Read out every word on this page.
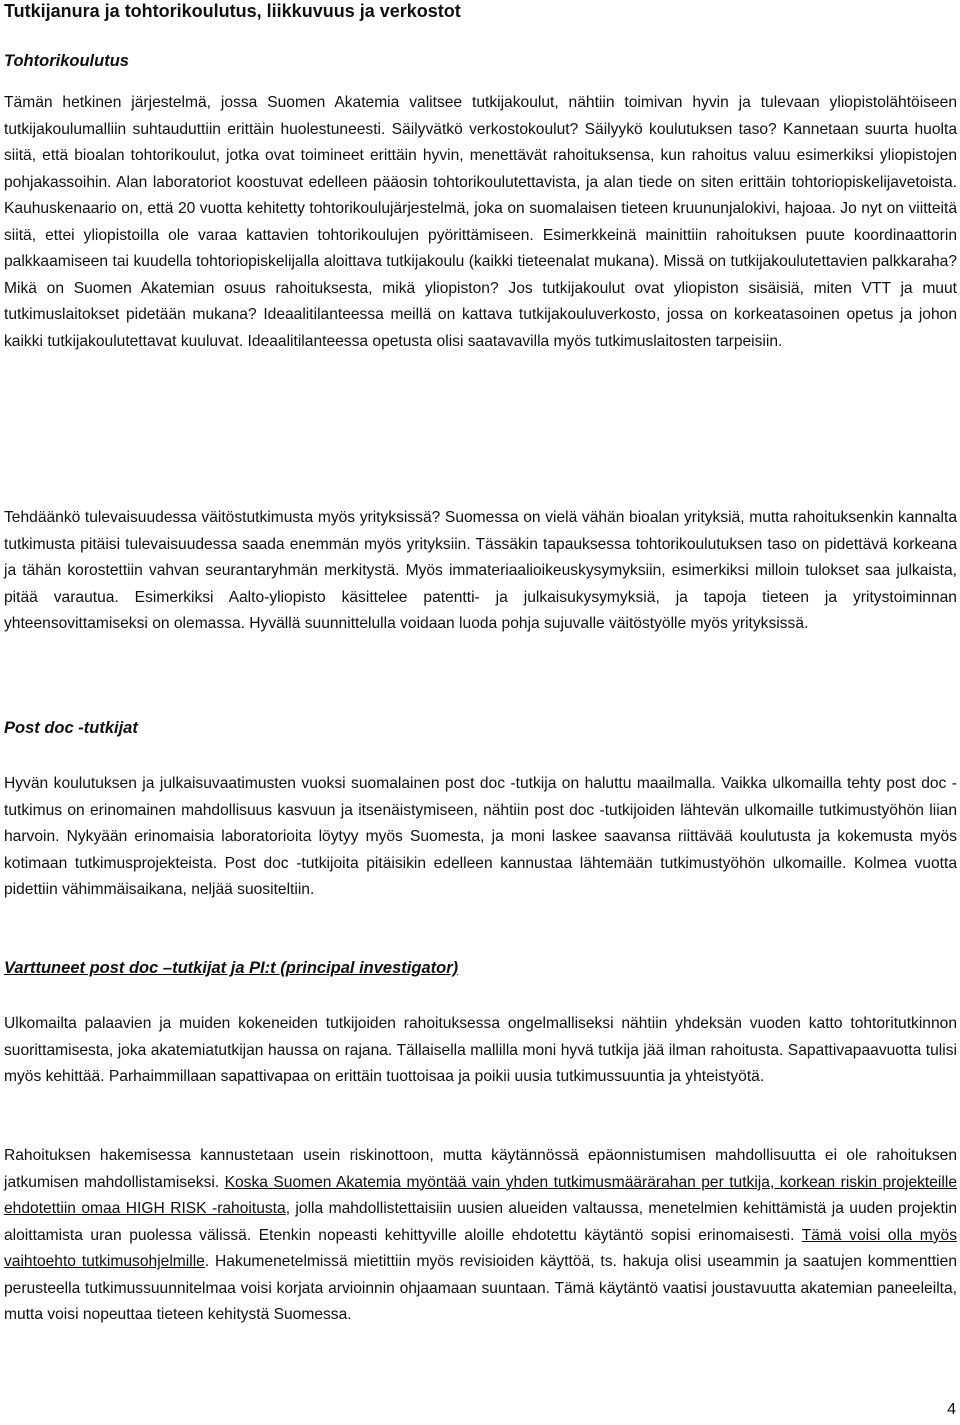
Tutkijanura ja tohtorikoulutus, liikkuvuus ja verkostot
Tohtorikoulutus

Tämän hetkinen järjestelmä, jossa Suomen Akatemia valitsee tutkijakoulut, nähtiin toimivan hyvin ja tulevaan yliopistolähtöiseen tutkijakoulumalliin suhtauduttiin erittäin huolestuneesti. Säilyvätkö verkostokoulut? Säilyykö koulutuksen taso? Kannetaan suurta huolta siitä, että bioalan tohtorikoulut, jotka ovat toimineet erittäin hyvin, menettävät rahoituksensa, kun rahoitus valuu esimerkiksi yliopistojen pohjakassoihin. Alan laboratoriot koostuvat edelleen pääosin tohtorikoulutettavista, ja alan tiede on siten erittäin tohtoriopiskelijavetoista. Kauhuskenaario on, että 20 vuotta kehitetty tohtorikoulujärjestelmä, joka on suomalaisen tieteen kruununjalokivi, hajoaa. Jo nyt on viitteitä siitä, ettei yliopistoilla ole varaa kattavien tohtorikoulujen pyörittämiseen. Esimerkkeinä mainittiin rahoituksen puute koordinaattorin palkkaamiseen tai kuudella tohtoriopiskelijalla aloittava tutkijakoulu (kaikki tieteenalat mukana). Missä on tutkijakoulutettavien palkkaraha? Mikä on Suomen Akatemian osuus rahoituksesta, mikä yliopiston? Jos tutkijakoulut ovat yliopiston sisäisiä, miten VTT ja muut tutkimuslaitokset pidetään mukana? Ideaalitilanteessa meillä on kattava tutkijakouluverkosto, jossa on korkeatasoinen opetus ja johon kaikki tutkijakoulutettavat kuuluvat. Ideaalitilanteessa opetusta olisi saatavavilla myös tutkimuslaitosten tarpeisiin.

Tehdäänkö tulevaisuudessa väitöstutkimusta myös yrityksissä? Suomessa on vielä vähän bioalan yrityksiä, mutta rahoituksenkin kannalta tutkimusta pitäisi tulevaisuudessa saada enemmän myös yrityksiin. Tässäkin tapauksessa tohtorikoulutuksen taso on pidettävä korkeana ja tähän korostettiin vahvan seurantaryhmän merkitystä. Myös immateriaalioikeuskysymyksiin, esimerkiksi milloin tulokset saa julkaista, pitää varautua. Esimerkiksi Aalto-yliopisto käsittelee patentti- ja julkaisukysymyksiä, ja tapoja tieteen ja yritystoiminnan yhteensovittamiseksi on olemassa. Hyvällä suunnittelulla voidaan luoda pohja sujuvalle väitöstyölle myös yrityksissä.

Post doc -tutkijat

Hyvän koulutuksen ja julkaisuvaatimusten vuoksi suomalainen post doc -tutkija on haluttu maailmalla. Vaikka ulkomailla tehty post doc -tutkimus on erinomainen mahdollisuus kasvuun ja itsenäistymiseen, nähtiin post doc -tutkijoiden lähtevän ulkomaille tutkimustyöhön liian harvoin. Nykyään erinomaisia laboratorioita löytyy myös Suomesta, ja moni laskee saavansa riittävää koulutusta ja kokemusta myös kotimaan tutkimusprojekteista. Post doc -tutkijoita pitäisikin edelleen kannustaa lähtemään tutkimustyöhön ulkomaille. Kolmea vuotta pidettiin vähimmäisaikana, neljää suositeltiin.

Varttuneet post doc –tutkijat ja PI:t (principal investigator)

Ulkomailta palaavien ja muiden kokeneiden tutkijoiden rahoituksessa ongelmalliseksi nähtiin yhdeksän vuoden katto tohtoritutkinnon suorittamisesta, joka akatemiatutkijan haussa on rajana. Tällaisella mallilla moni hyvä tutkija jää ilman rahoitusta. Sapattivapaavuotta tulisi myös kehittää. Parhaimmillaan sapattivapaa on erittäin tuottoisaa ja poikii uusia tutkimussuuntia ja yhteistyötä.

Rahoituksen hakemisessa kannustetaan usein riskinottoon, mutta käytännössä epäonnistumisen mahdollisuutta ei ole rahoituksen jatkumisen mahdollistamiseksi. Koska Suomen Akatemia myöntää vain yhden tutkimusmäärärahan per tutkija, korkean riskin projekteille ehdotettiin omaa HIGH RISK -rahoitusta, jolla mahdollistettaisiin uusien alueiden valtaussa, menetelmien kehittämistä ja uuden projektin aloittamista uran puolessa välissä. Etenkin nopeasti kehittyville aloille ehdotettu käytäntö sopisi erinomaisesti. Tämä voisi olla myös vaihtoehto tutkimusohjelmille. Hakumenetelmissä mietittiin myös revisioiden käyttöä, ts. hakuja olisi useammin ja saatujen kommenttien perusteella tutkimussuunnitelmaa voisi korjata arvioinnin ohjaamaan suuntaan. Tämä käytäntö vaatisi joustavuutta akatemian paneeleilta, mutta voisi nopeuttaa tieteen kehitystä Suomessa.

4
